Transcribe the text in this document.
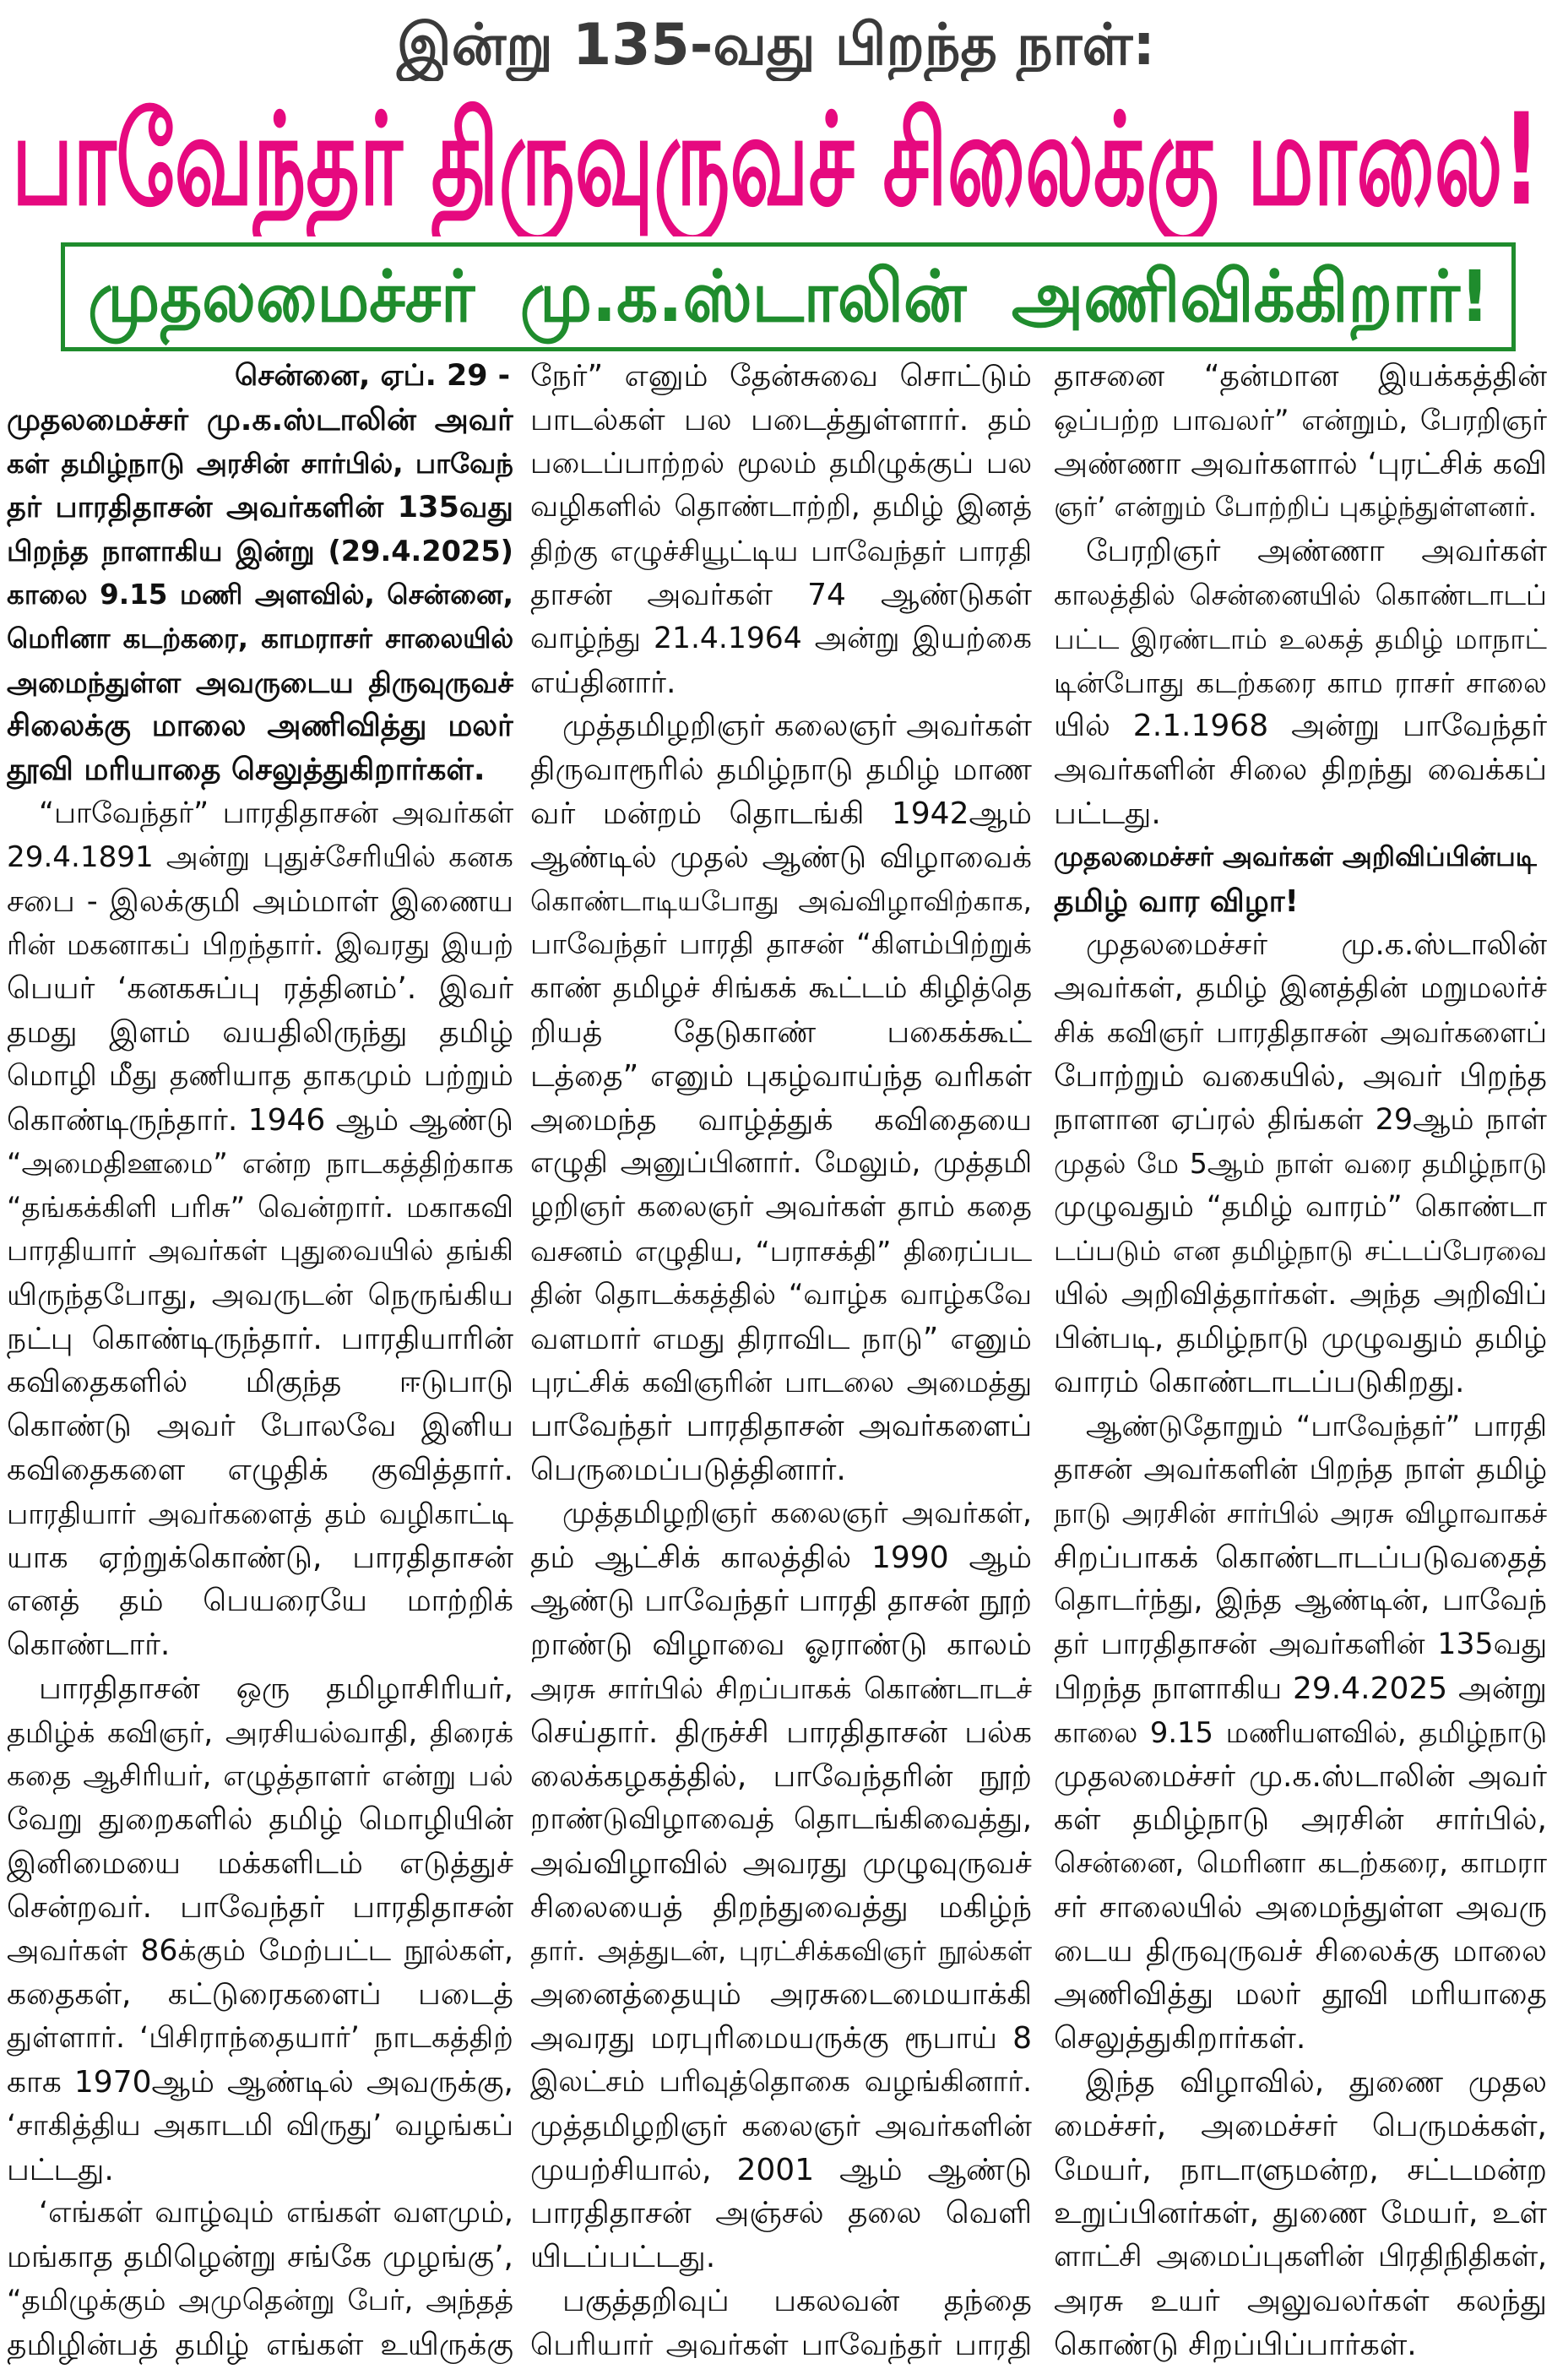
இன்று 135-வது பிறந்த நாள்:
பாவேந்தர் திருவுருவச் சிலைக்கு மாலை!
முதலமைச்சர் மு.க.ஸ்டாலின் அணிவிக்கிறார்!
சென்னை, ஏப். 29 -
முதலமைச்சர் மு.க.ஸ்டாலின் அவர்
கள் தமிழ்நாடு அரசின் சார்பில், பாவேந்
தர் பாரதிதாசன் அவர்களின் 135வது
பிறந்த நாளாகிய இன்று (29.4.2025)
காலை 9.15 மணி அளவில், சென்னை,
மெரினா கடற்கரை, காமராசர் சாலையில்
அமைந்துள்ள அவருடைய திருவுருவச்
சிலைக்கு மாலை அணிவித்து மலர்
தூவி மரியாதை செலுத்துகிறார்கள்.
“பாவேந்தர்” பாரதிதாசன் அவர்கள்
29.4.1891 அன்று புதுச்சேரியில் கனக
சபை - இலக்குமி அம்மாள் இணைய
ரின் மகனாகப் பிறந்தார். இவரது இயற்
பெயர் ‘கனகசுப்பு ரத்தினம்’. இவர்
தமது இளம் வயதிலிருந்து தமிழ்
மொழி மீது தணியாத தாகமும் பற்றும்
கொண்டிருந்தார். 1946 ஆம் ஆண்டு
“அமைதிஊமை” என்ற நாடகத்திற்காக
“தங்கக்கிளி பரிசு” வென்றார். மகாகவி
பாரதியார் அவர்கள் புதுவையில் தங்கி
யிருந்தபோது, அவருடன் நெருங்கிய
நட்பு கொண்டிருந்தார். பாரதியாரின்
கவிதைகளில் மிகுந்த ஈடுபாடு
கொண்டு அவர் போலவே இனிய
கவிதைகளை எழுதிக் குவித்தார்.
பாரதியார் அவர்களைத் தம் வழிகாட்டி
யாக ஏற்றுக்கொண்டு, பாரதிதாசன்
எனத் தம் பெயரையே மாற்றிக்
கொண்டார்.
பாரதிதாசன் ஒரு தமிழாசிரியர்,
தமிழ்க் கவிஞர், அரசியல்வாதி, திரைக்
கதை ஆசிரியர், எழுத்தாளர் என்று பல்
வேறு துறைகளில் தமிழ் மொழியின்
இனிமையை மக்களிடம் எடுத்துச்
சென்றவர். பாவேந்தர் பாரதிதாசன்
அவர்கள் 86க்கும் மேற்பட்ட நூல்கள்,
கதைகள், கட்டுரைகளைப் படைத்
துள்ளார். ‘பிசிராந்தையார்’ நாடகத்திற்
காக 1970ஆம் ஆண்டில் அவருக்கு,
‘சாகித்திய அகாடமி விருது’ வழங்கப்
பட்டது.
‘எங்கள் வாழ்வும் எங்கள் வளமும்,
மங்காத தமிழென்று சங்கே முழங்கு’,
“தமிழுக்கும் அமுதென்று பேர், அந்தத்
தமிழின்பத் தமிழ் எங்கள் உயிருக்கு
நேர்” எனும் தேன்சுவை சொட்டும்
பாடல்கள் பல படைத்துள்ளார். தம்
படைப்பாற்றல் மூலம் தமிழுக்குப் பல
வழிகளில் தொண்டாற்றி, தமிழ் இனத்
திற்கு எழுச்சியூட்டிய பாவேந்தர் பாரதி
தாசன் அவர்கள் 74 ஆண்டுகள்
வாழ்ந்து 21.4.1964 அன்று இயற்கை
எய்தினார்.
முத்தமிழறிஞர் கலைஞர் அவர்கள்
திருவாரூரில் தமிழ்நாடு தமிழ் மாண
வர் மன்றம் தொடங்கி 1942ஆம்
ஆண்டில் முதல் ஆண்டு விழாவைக்
கொண்டாடியபோது அவ்விழாவிற்காக,
பாவேந்தர் பாரதி தாசன் “கிளம்பிற்றுக்
காண் தமிழச் சிங்கக் கூட்டம் கிழித்தெ
றியத் தேடுகாண் பகைக்கூட்
டத்தை” எனும் புகழ்வாய்ந்த வரிகள்
அமைந்த வாழ்த்துக் கவிதையை
எழுதி அனுப்பினார். மேலும், முத்தமி
ழறிஞர் கலைஞர் அவர்கள் தாம் கதை
வசனம் எழுதிய, “பராசக்தி” திரைப்பட
தின் தொடக்கத்தில் “வாழ்க வாழ்கவே
வளமார் எமது திராவிட நாடு” எனும்
புரட்சிக் கவிஞரின் பாடலை அமைத்து
பாவேந்தர் பாரதிதாசன் அவர்களைப்
பெருமைப்படுத்தினார்.
முத்தமிழறிஞர் கலைஞர் அவர்கள்,
தம் ஆட்சிக் காலத்தில் 1990 ஆம்
ஆண்டு பாவேந்தர் பாரதி தாசன் நூற்
றாண்டு விழாவை ஓராண்டு காலம்
அரசு சார்பில் சிறப்பாகக் கொண்டாடச்
செய்தார். திருச்சி பாரதிதாசன் பல்க
லைக்கழகத்தில், பாவேந்தரின் நூற்
றாண்டுவிழாவைத் தொடங்கிவைத்து,
அவ்விழாவில் அவரது முழுவுருவச்
சிலையைத் திறந்துவைத்து மகிழ்ந்
தார். அத்துடன், புரட்சிக்கவிஞர் நூல்கள்
அனைத்தையும் அரசுடைமையாக்கி
அவரது மரபுரிமையருக்கு ரூபாய் 8
இலட்சம் பரிவுத்தொகை வழங்கினார்.
முத்தமிழறிஞர் கலைஞர் அவர்களின்
முயற்சியால், 2001 ஆம் ஆண்டு
பாரதிதாசன் அஞ்சல் தலை வெளி
யிடப்பட்டது.
பகுத்தறிவுப் பகலவன் தந்தை
பெரியார் அவர்கள் பாவேந்தர் பாரதி
தாசனை “தன்மான இயக்கத்தின்
ஒப்பற்ற பாவலர்” என்றும், பேரறிஞர்
அண்ணா அவர்களால் ‘புரட்சிக் கவி
ஞர்’ என்றும் போற்றிப் புகழ்ந்துள்ளனர்.
பேரறிஞர் அண்ணா அவர்கள்
காலத்தில் சென்னையில் கொண்டாடப்
பட்ட இரண்டாம் உலகத் தமிழ் மாநாட்
டின்போது கடற்கரை காம ராசர் சாலை
யில் 2.1.1968 அன்று பாவேந்தர்
அவர்களின் சிலை திறந்து வைக்கப்
பட்டது.
முதலமைச்சர் அவர்கள் அறிவிப்பின்படி
தமிழ் வார விழா!
முதலமைச்சர் மு.க.ஸ்டாலின்
அவர்கள், தமிழ் இனத்தின் மறுமலர்ச்
சிக் கவிஞர் பாரதிதாசன் அவர்களைப்
போற்றும் வகையில், அவர் பிறந்த
நாளான ஏப்ரல் திங்கள் 29ஆம் நாள்
முதல் மே 5ஆம் நாள் வரை தமிழ்நாடு
முழுவதும் “தமிழ் வாரம்” கொண்டா
டப்படும் என தமிழ்நாடு சட்டப்பேரவை
யில் அறிவித்தார்கள். அந்த அறிவிப்
பின்படி, தமிழ்நாடு முழுவதும் தமிழ்
வாரம் கொண்டாடப்படுகிறது.
ஆண்டுதோறும் “பாவேந்தர்” பாரதி
தாசன் அவர்களின் பிறந்த நாள் தமிழ்
நாடு அரசின் சார்பில் அரசு விழாவாகச்
சிறப்பாகக் கொண்டாடப்படுவதைத்
தொடர்ந்து, இந்த ஆண்டின், பாவேந்
தர் பாரதிதாசன் அவர்களின் 135வது
பிறந்த நாளாகிய 29.4.2025 அன்று
காலை 9.15 மணியளவில், தமிழ்நாடு
முதலமைச்சர் மு.க.ஸ்டாலின் அவர்
கள் தமிழ்நாடு அரசின் சார்பில்,
சென்னை, மெரினா கடற்கரை, காமரா
சர் சாலையில் அமைந்துள்ள அவரு
டைய திருவுருவச் சிலைக்கு மாலை
அணிவித்து மலர் தூவி மரியாதை
செலுத்துகிறார்கள்.
இந்த விழாவில், துணை முதல
மைச்சர், அமைச்சர் பெருமக்கள்,
மேயர், நாடாளுமன்ற, சட்டமன்ற
உறுப்பினர்கள், துணை மேயர், உள்
ளாட்சி அமைப்புகளின் பிரதிநிதிகள்,
அரசு உயர் அலுவலர்கள் கலந்து
கொண்டு சிறப்பிப்பார்கள்.
